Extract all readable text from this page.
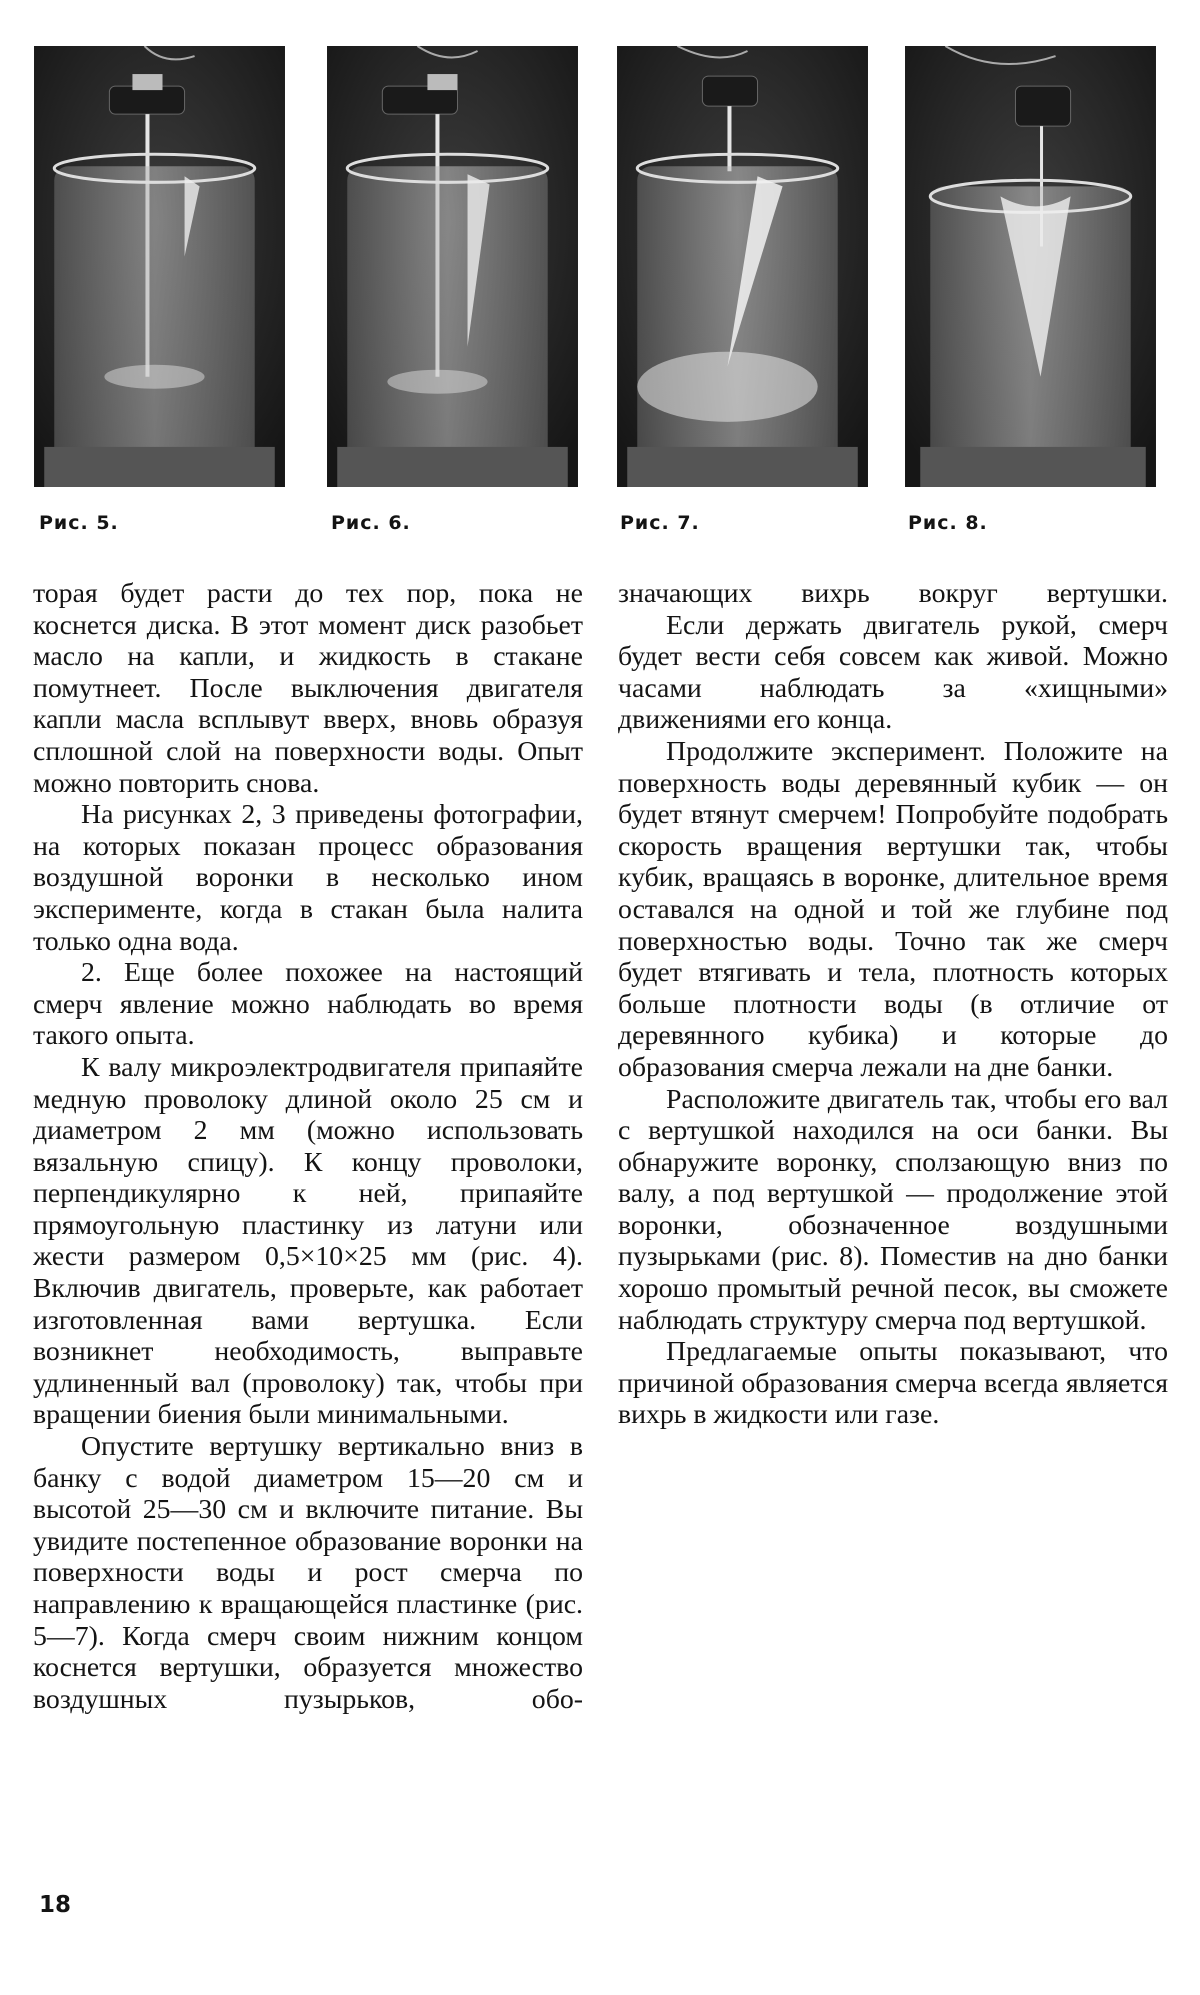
Рис. 5.	Рис. 6.	Рис. 7.	Рис. 8.

торая будет расти до тех пор, пока не коснется диска. В этот момент диск разобьет масло на капли, и жидкость в стакане помутнеет. После выключения двигателя капли масла всплывут вверх, вновь образуя сплошной слой на поверхности воды. Опыт можно повторить снова.

На рисунках 2, 3 приведены фотографии, на которых показан процесс образования воздушной воронки в несколько ином эксперименте, когда в стакан была налита только одна вода.

2. Еще более похожее на настоящий смерч явление можно наблюдать во время такого опыта.

К валу микроэлектродвигателя припаяйте медную проволоку длиной около 25 см и диаметром 2 мм (можно использовать вязальную спицу). К концу проволоки, перпендикулярно к ней, припаяйте прямоугольную пластинку из латуни или жести размером 0,5×10×25 мм (рис. 4). Включив двигатель, проверьте, как работает изготовленная вами вертушка. Если возникнет необходимость, выправьте удлиненный вал (проволоку) так, чтобы при вращении биения были минимальными.

Опустите вертушку вертикально вниз в банку с водой диаметром 15—20 см и высотой 25—30 см и включите питание. Вы увидите постепенное образование воронки на поверхности воды и рост смерча по направлению к вращающейся пластинке (рис. 5—7). Когда смерч своим нижним концом коснется вертушки, образуется множество воздушных пузырьков, обо-

значающих вихрь вокруг вертушки.

Если держать двигатель рукой, смерч будет вести себя совсем как живой. Можно часами наблюдать за «хищными» движениями его конца.

Продолжите эксперимент. Положите на поверхность воды деревянный кубик — он будет втянут смерчем! Попробуйте подобрать скорость вращения вертушки так, чтобы кубик, вращаясь в воронке, длительное время оставался на одной и той же глубине под поверхностью воды. Точно так же смерч будет втягивать и тела, плотность которых больше плотности воды (в отличие от деревянного кубика) и которые до образования смерча лежали на дне банки.

Расположите двигатель так, чтобы его вал с вертушкой находился на оси банки. Вы обнаружите воронку, сползающую вниз по валу, а под вертушкой — продолжение этой воронки, обозначенное воздушными пузырьками (рис. 8). Поместив на дно банки хорошо промытый речной песок, вы сможете наблюдать структуру смерча под вертушкой.

Предлагаемые опыты показывают, что причиной образования смерча всегда является вихрь в жидкости или газе.

18
